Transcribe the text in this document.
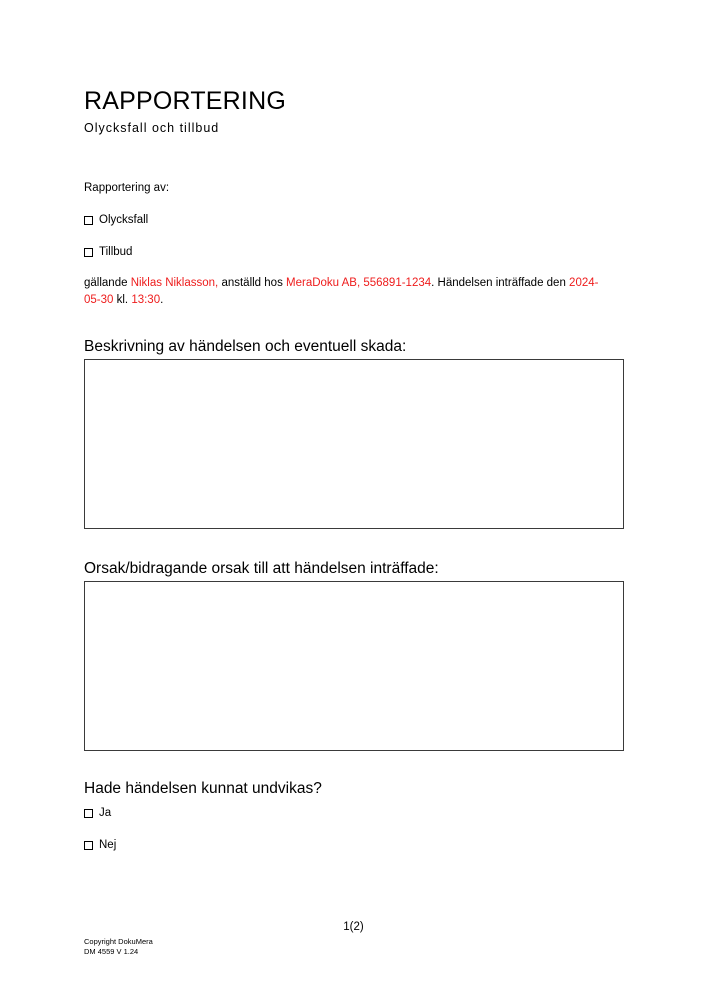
RAPPORTERING
Olycksfall och tillbud
Rapportering av:
Olycksfall
Tillbud
gällande Niklas Niklasson, anställd hos MeraDoku AB, 556891-1234. Händelsen inträffade den 2024-05-30 kl. 13:30.
Beskrivning av händelsen och eventuell skada:
Orsak/bidragande orsak till att händelsen inträffade:
Hade händelsen kunnat undvikas?
Ja
Nej
1(2)
Copyright DokuMera
DM 4559 V 1.24
